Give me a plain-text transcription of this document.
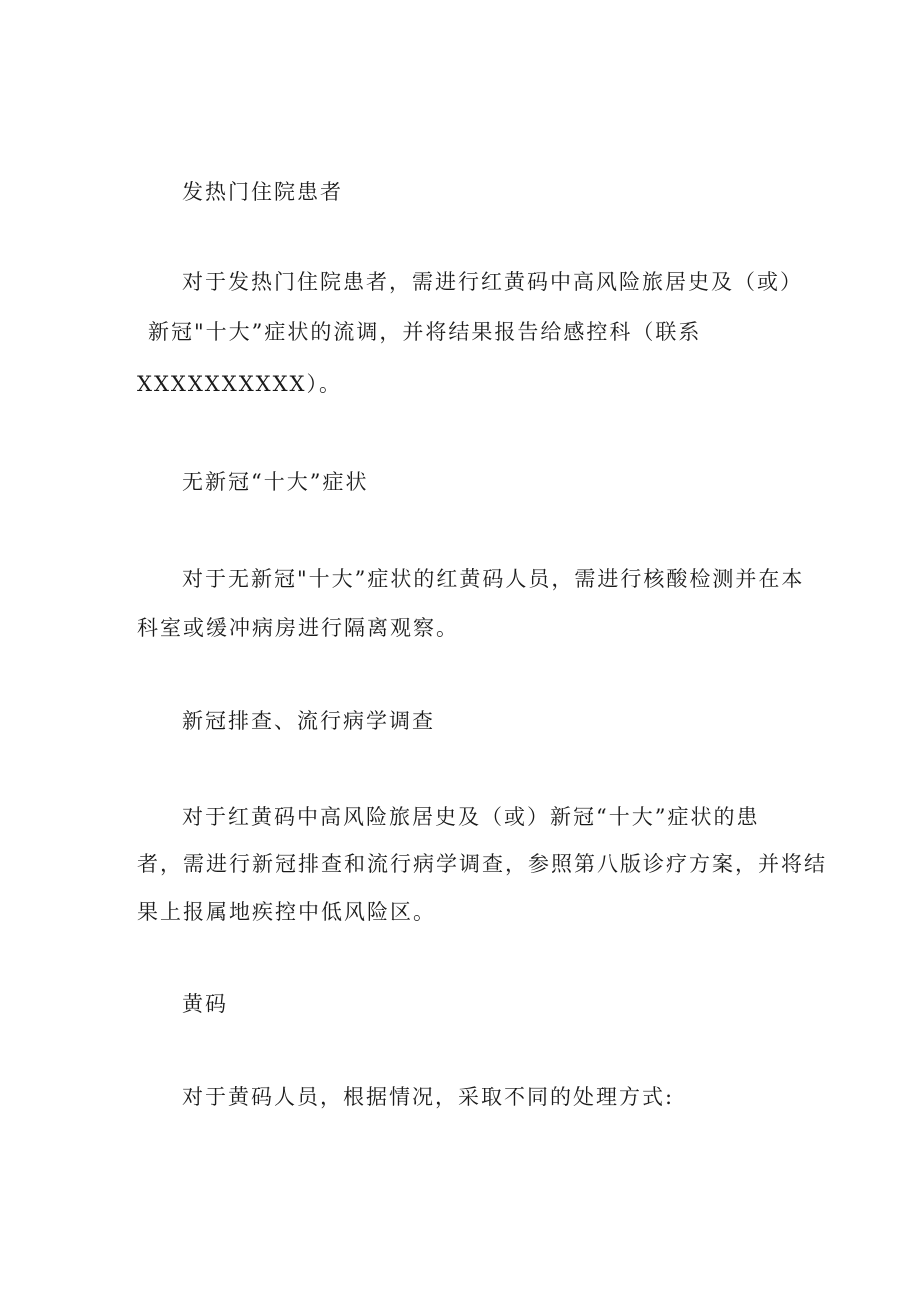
发热门住院患者
对于发热门住院患者，需进行红黄码中高风险旅居史及（或）
新冠"十大”症状的流调，并将结果报告给感控科（联系
XXXXXXXXXX）。
无新冠“十大”症状
对于无新冠"十大”症状的红黄码人员，需进行核酸检测并在本
科室或缓冲病房进行隔离观察。
新冠排查、流行病学调查
对于红黄码中高风险旅居史及（或）新冠“十大”症状的患
者，需进行新冠排查和流行病学调查，参照第八版诊疗方案，并将结
果上报属地疾控中低风险区。
黄码
对于黄码人员，根据情况，采取不同的处理方式:
